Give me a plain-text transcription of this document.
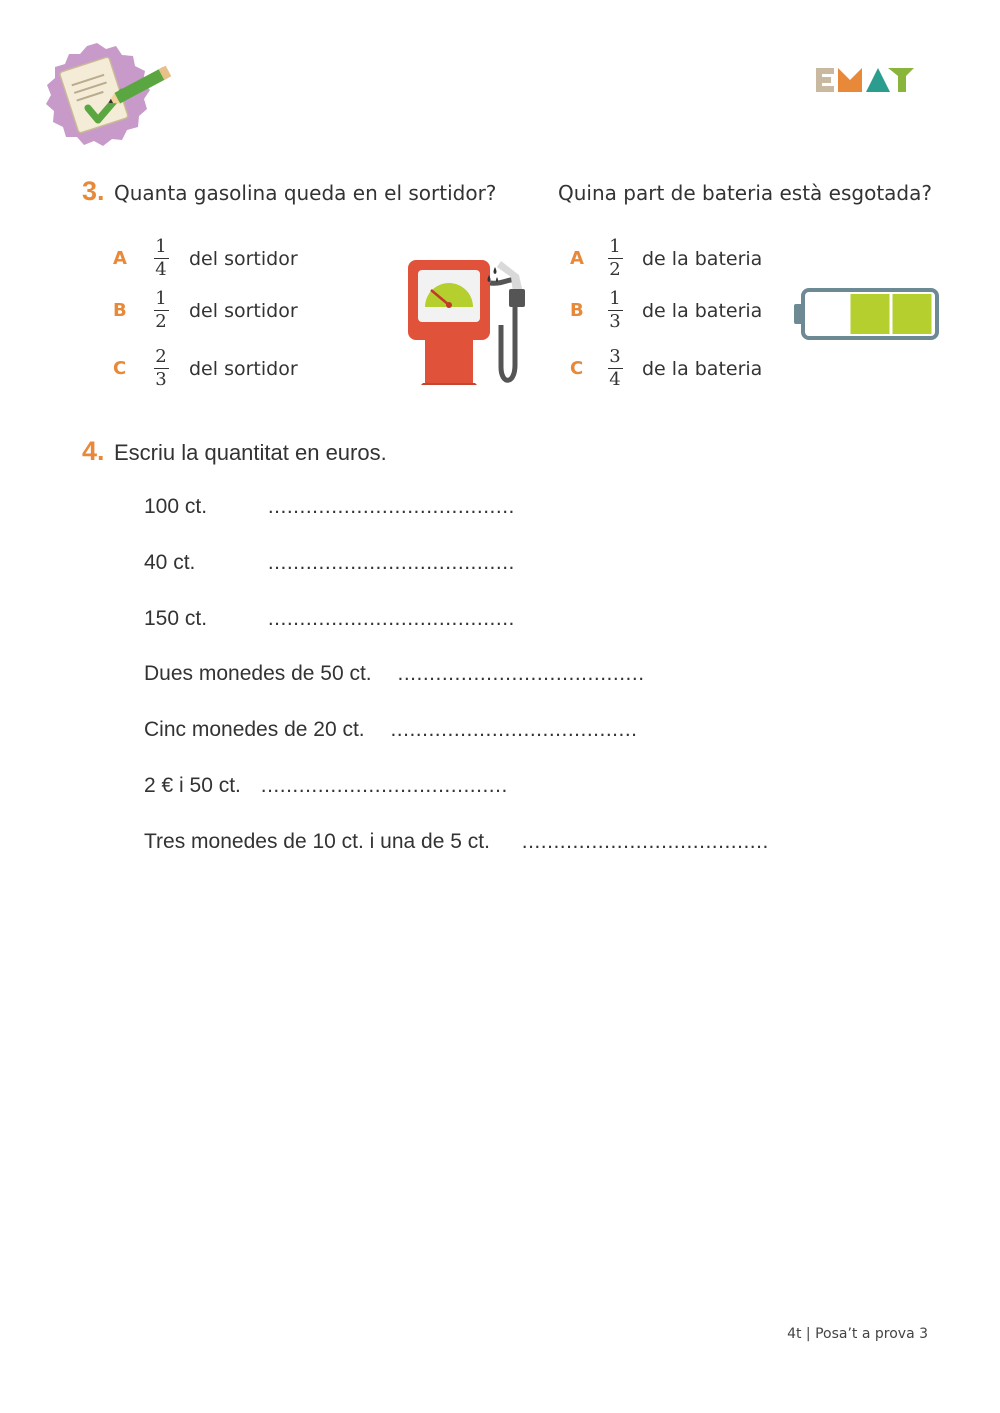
3. Quanta gasolina queda en el sortidor?	Quina part de bateria està esgotada?
A	$\frac{1}{4}$ del sortidor
B	$\frac{1}{2}$ del sortidor
C	$\frac{2}{3}$ del sortidor
A	$\frac{1}{2}$ de la bateria
B	$\frac{1}{3}$ de la bateria
C	$\frac{3}{4}$ de la bateria
4. Escriu la quantitat en euros.
100 ct.	.......................................
40 ct.	.......................................
150 ct.	.......................................
Dues monedes de 50 ct. .......................................
Cinc monedes de 20 ct. .......................................
2 € i 50 ct. .......................................
Tres monedes de 10 ct. i una de 5 ct. .......................................
4t | Posa’t a prova 3
